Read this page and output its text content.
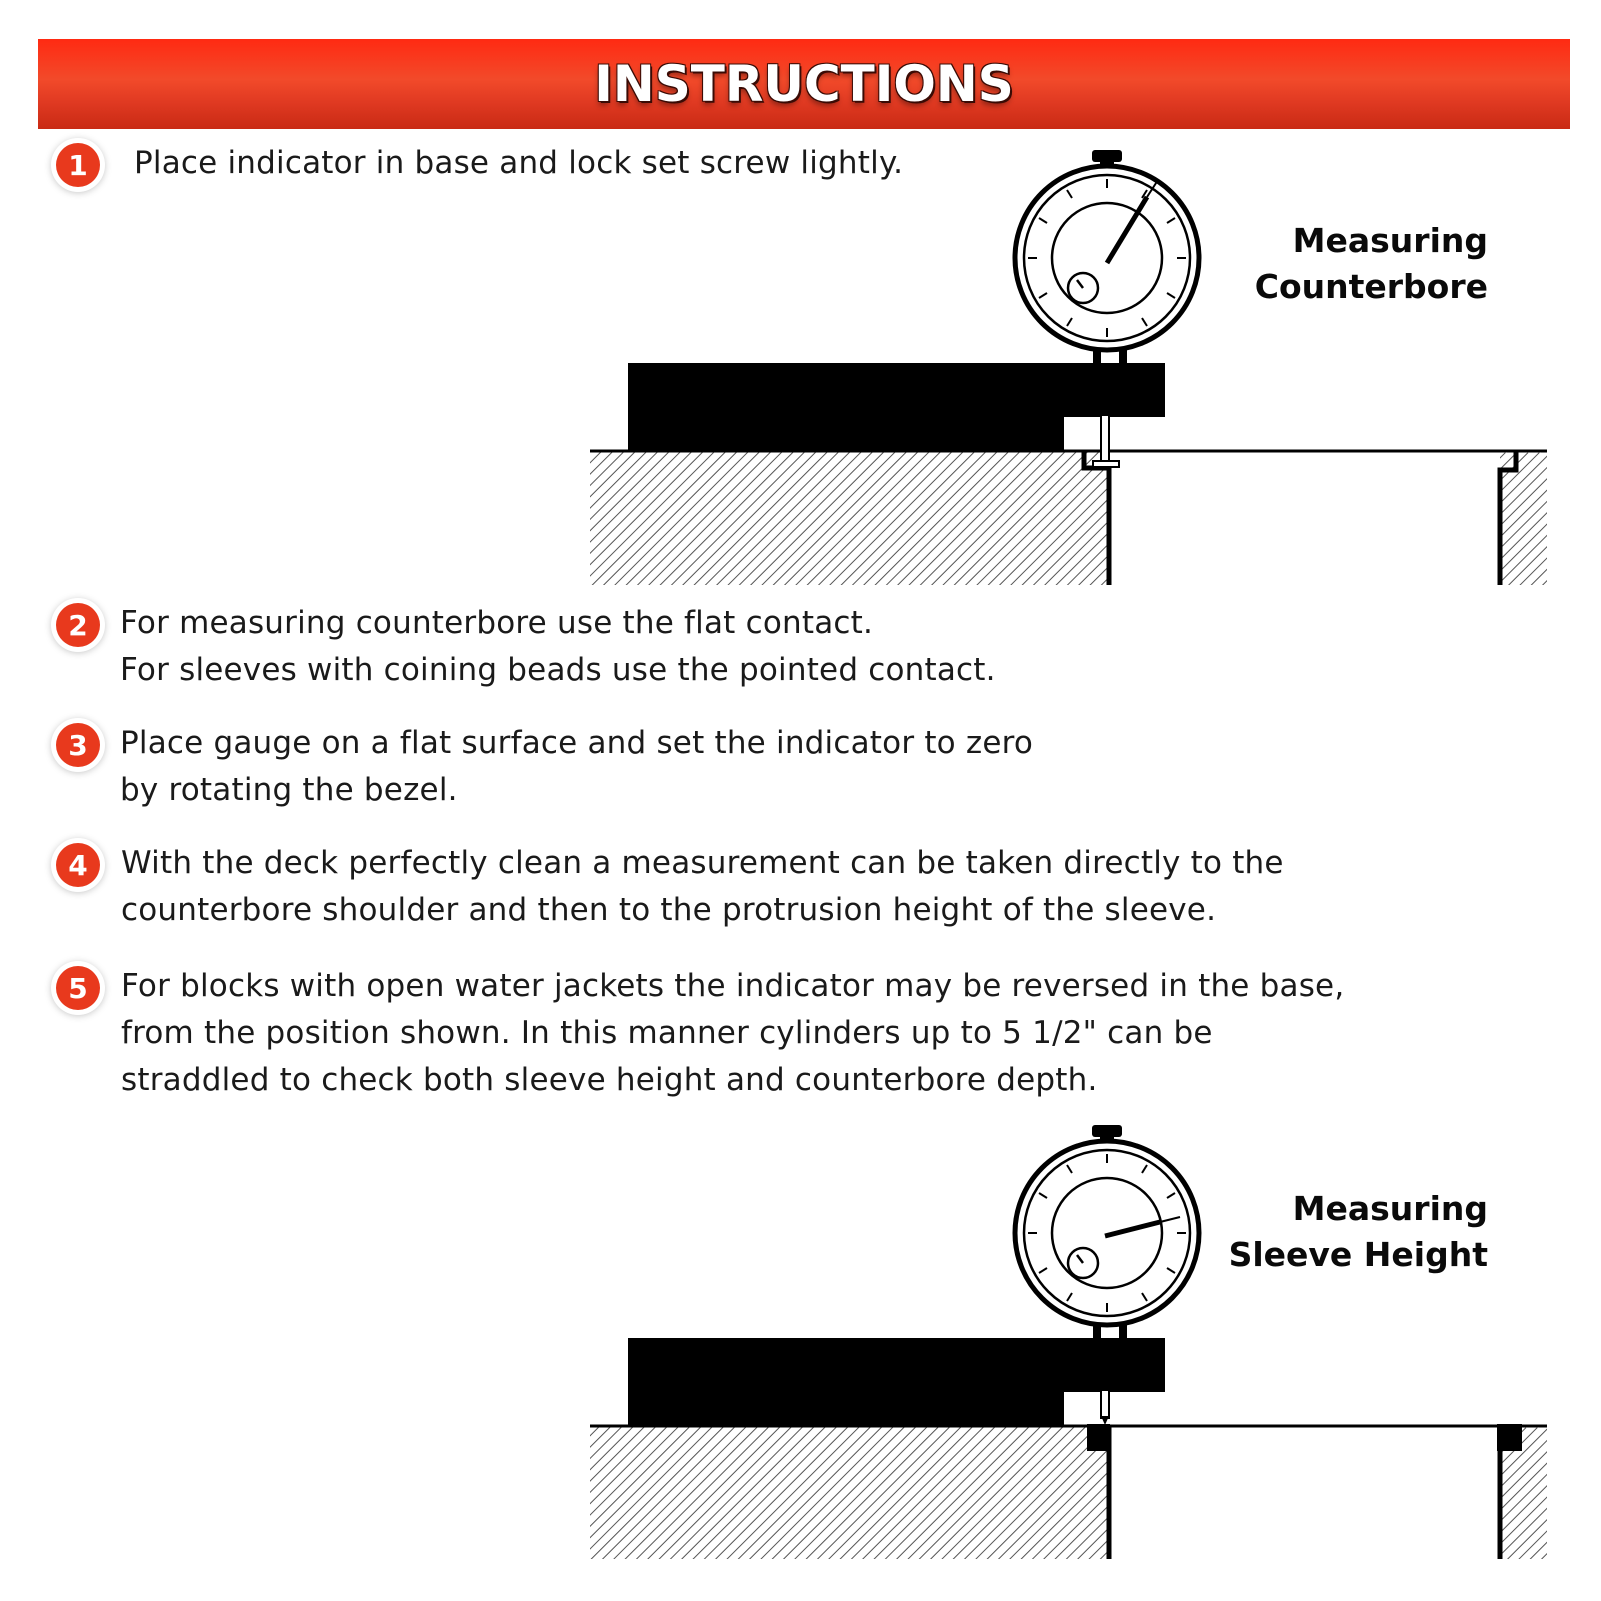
INSTRUCTIONS
1	Place indicator in base and lock set screw lightly.
Measuring
Counterbore
2	For measuring counterbore use the flat contact.
For sleeves with coining beads use the pointed contact.
3	Place gauge on a flat surface and set the indicator to zero
by rotating the bezel.
4	With the deck perfectly clean a measurement can be taken directly to the
counterbore shoulder and then to the protrusion height of the sleeve.
5	For blocks with open water jackets the indicator may be reversed in the base,
from the position shown. In this manner cylinders up to 5 1/2" can be
straddled to check both sleeve height and counterbore depth.
Measuring
Sleeve Height
